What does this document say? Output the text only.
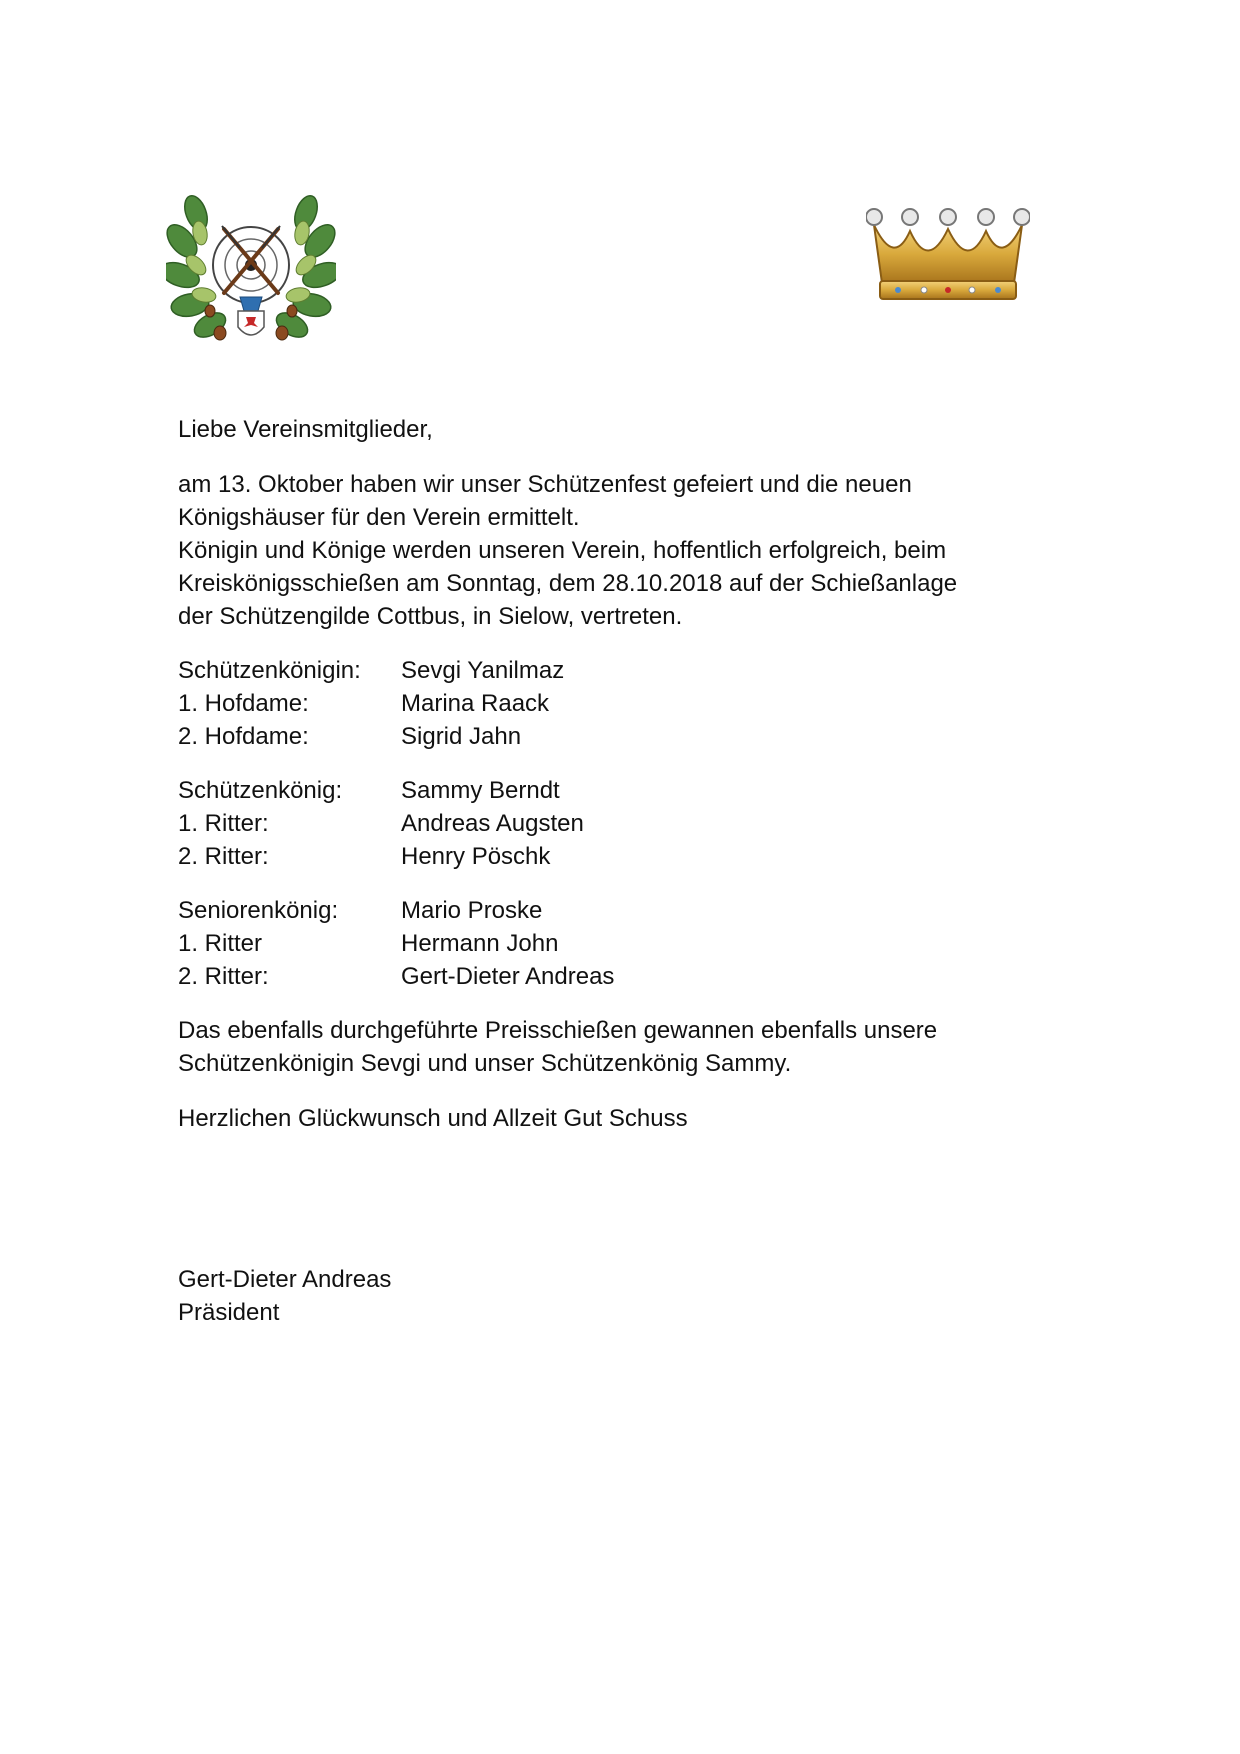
Liebe Vereinsmitglieder,

am 13. Oktober haben wir unser Schützenfest gefeiert und die neuen

Königshäuser für den Verein ermittelt.

Königin und Könige werden unseren Verein, hoffentlich erfolgreich, beim

Kreiskönigsschießen am Sonntag, dem 28.10.2018 auf der Schießanlage

der Schützengilde Cottbus, in Sielow, vertreten.

Schützenkönigin:	Sevgi Yanilmaz
1. Hofdame:	Marina Raack
2. Hofdame:	Sigrid Jahn
Schützenkönig:	Sammy Berndt
1. Ritter:	Andreas Augsten
2. Ritter:	Henry Pöschk
Seniorenkönig:	Mario Proske
1. Ritter	Hermann John
2. Ritter:	Gert-Dieter Andreas

Das ebenfalls durchgeführte Preisschießen gewannen ebenfalls unsere

Schützenkönigin Sevgi und unser Schützenkönig Sammy.

Herzlichen Glückwunsch und Allzeit Gut Schuss

Gert-Dieter Andreas

Präsident
